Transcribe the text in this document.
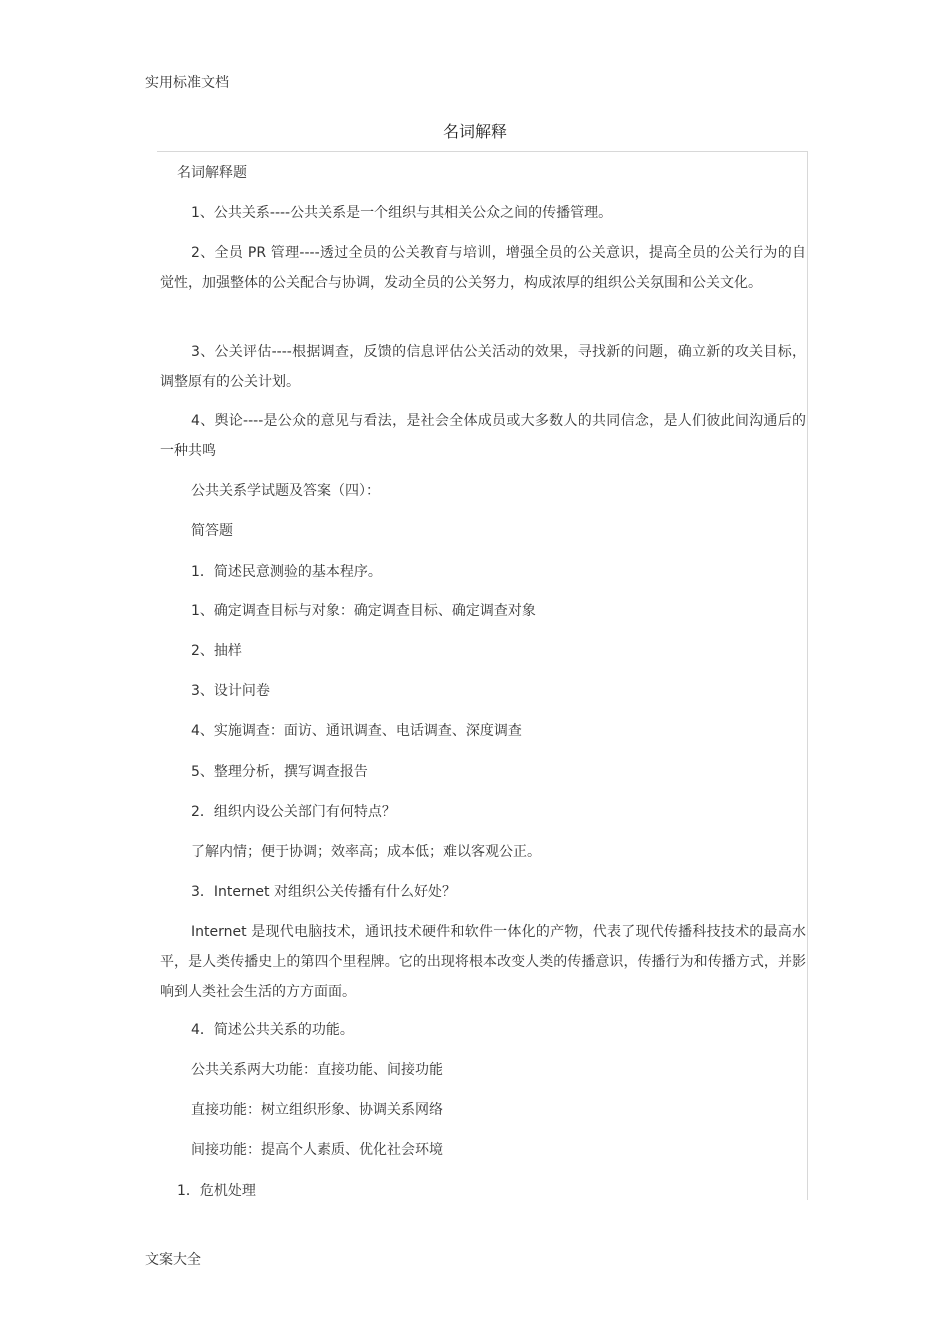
实用标准文档
名词解释
名词解释题
1、公共关系----公共关系是一个组织与其相关公众之间的传播管理。
2、全员 PR 管理----透过全员的公关教育与培训，增强全员的公关意识，提高全员的公关行为的自觉性，加强整体的公关配合与协调，发动全员的公关努力，构成浓厚的组织公关氛围和公关文化。
3、公关评估----根据调查，反馈的信息评估公关活动的效果，寻找新的问题，确立新的攻关目标，调整原有的公关计划。
4、舆论----是公众的意见与看法，是社会全体成员或大多数人的共同信念，是人们彼此间沟通后的一种共鸣
公共关系学试题及答案（四）：
简答题
1．简述民意测验的基本程序。
1、确定调查目标与对象：确定调查目标、确定调查对象
2、抽样
3、设计问卷
4、实施调查：面访、通讯调查、电话调查、深度调查
5、整理分析，撰写调查报告
2．组织内设公关部门有何特点？
了解内情；便于协调；效率高；成本低；难以客观公正。
3．Internet 对组织公关传播有什么好处？
Internet 是现代电脑技术，通讯技术硬件和软件一体化的产物，代表了现代传播科技技术的最高水平，是人类传播史上的第四个里程牌。它的出现将根本改变人类的传播意识，传播行为和传播方式，并影响到人类社会生活的方方面面。
4．简述公共关系的功能。
公共关系两大功能：直接功能、间接功能
直接功能：树立组织形象、协调关系网络
间接功能：提高个人素质、优化社会环境
1．危机处理
文案大全
